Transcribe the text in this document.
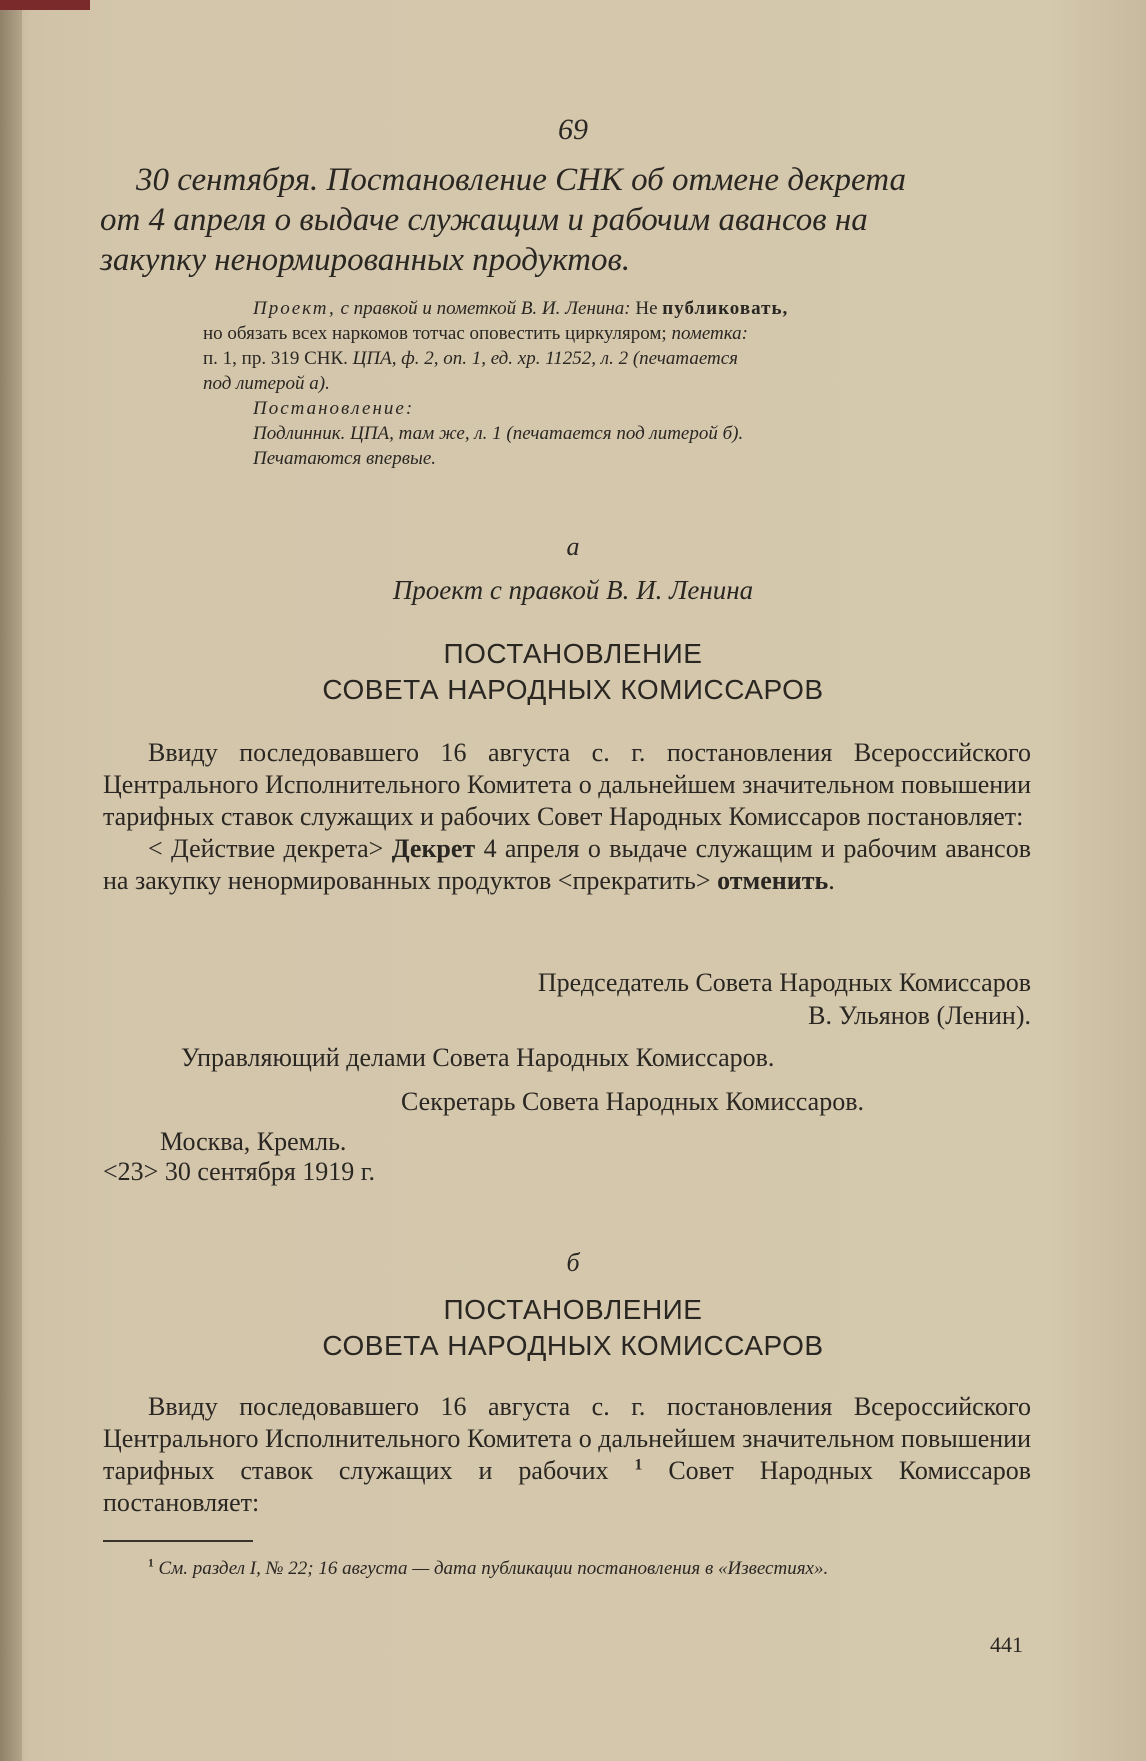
69
30 сентября. Постановление СНК об отмене декрета
от 4 апреля о выдаче служащим и рабочим авансов на
закупку ненормированных продуктов.

Проект, с правкой и пометкой В. И. Ленина: Не публиковать,

но обязать всех наркомов тотчас оповестить циркуляром; пометка:

п. 1, пр. 319 СНК. ЦПА, ф. 2, оп. 1, ед. хр. 11252, л. 2 (печатается

под литерой а).

Постановление:

Подлинник. ЦПА, там же, л. 1 (печатается под литерой б).

Печатаются впервые.

а
Проект с правкой В. И. Ленина
ПОСТАНОВЛЕНИЕ
СОВЕТА НАРОДНЫХ КОМИССАРОВ

Ввиду последовавшего 16 августа с. г. постановления Всероссийского Центрального Исполнительного Комитета о дальнейшем значительном повышении тарифных ставок служащих и рабочих Совет Народных Комиссаров постановляет:

< Действие декрета> Декрет 4 апреля о выдаче служащим и рабочим авансов на закупку ненормированных продуктов <прекратить> отменить.

Председатель Совета Народных Комиссаров
В. Ульянов (Ленин).
Управляющий делами Совета Народных Комиссаров.
Секретарь Совета Народных Комиссаров.
Москва, Кремль.
<23> 30 сентября 1919 г.
б
ПОСТАНОВЛЕНИЕ
СОВЕТА НАРОДНЫХ КОМИССАРОВ

Ввиду последовавшего 16 августа с. г. постановления Всероссийского Центрального Исполнительного Комитета о дальнейшем значительном повышении тарифных ставок служащих и рабочих $^1$ Совет Народных Комиссаров постановляет:

$^1$ См. раздел I, № 22; 16 августа — дата публикации постановления в «Известиях».
441
